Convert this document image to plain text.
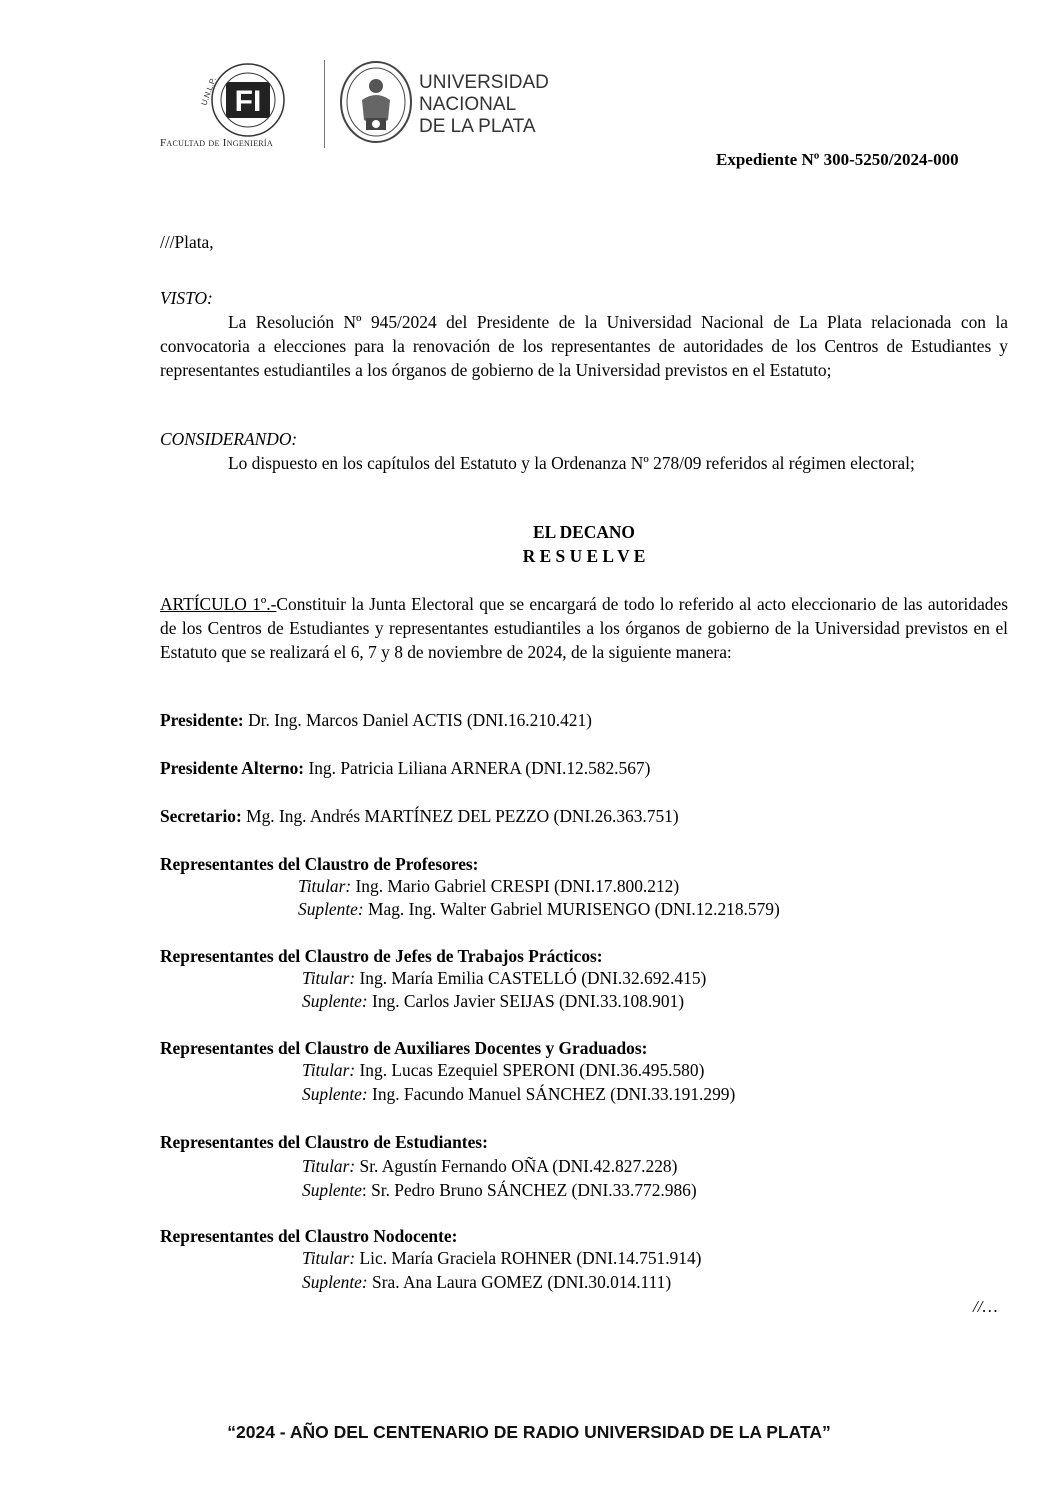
FI
U.N.L.P.
Facultad de Ingeniería
UNIVERSIDAD
NACIONAL
DE LA PLATA
Expediente Nº 300-5250/2024-000
///Plata,
VISTO:
La Resolución Nº 945/2024 del Presidente de la Universidad Nacional de La Plata relacionada con la convocatoria a elecciones para la renovación de los representantes de autoridades de los Centros de Estudiantes y representantes estudiantiles a los órganos de gobierno de la Universidad previstos en el Estatuto;
CONSIDERANDO:
Lo dispuesto en los capítulos del Estatuto y la Ordenanza Nº 278/09 referidos al régimen electoral;
EL DECANO
R E S U E L V E
ARTÍCULO 1º.-Constituir la Junta Electoral que se encargará de todo lo referido al acto eleccionario de las autoridades de los Centros de Estudiantes y representantes estudiantiles a los órganos de gobierno de la Universidad previstos en el Estatuto que se realizará el 6, 7 y 8 de noviembre de 2024, de la siguiente manera:
Presidente: Dr. Ing. Marcos Daniel ACTIS (DNI.16.210.421)
Presidente Alterno: Ing. Patricia Liliana ARNERA (DNI.12.582.567)
Secretario: Mg. Ing. Andrés MARTÍNEZ DEL PEZZO (DNI.26.363.751)
Representantes del Claustro de Profesores:
Titular: Ing. Mario Gabriel CRESPI (DNI.17.800.212)
Suplente: Mag. Ing. Walter Gabriel MURISENGO (DNI.12.218.579)
Representantes del Claustro de Jefes de Trabajos Prácticos:
Titular: Ing. María Emilia CASTELLÓ (DNI.32.692.415)
Suplente: Ing. Carlos Javier SEIJAS (DNI.33.108.901)
Representantes del Claustro de Auxiliares Docentes y Graduados:
Titular: Ing. Lucas Ezequiel SPERONI (DNI.36.495.580)
Suplente: Ing. Facundo Manuel SÁNCHEZ (DNI.33.191.299)
Representantes del Claustro de Estudiantes:
Titular: Sr. Agustín Fernando OÑA (DNI.42.827.228)
Suplente: Sr. Pedro Bruno SÁNCHEZ (DNI.33.772.986)
Representantes del Claustro Nodocente:
Titular: Lic. María Graciela ROHNER (DNI.14.751.914)
Suplente: Sra. Ana Laura GOMEZ (DNI.30.014.111)
//…
“2024 - AÑO DEL CENTENARIO DE RADIO UNIVERSIDAD DE LA PLATA”
